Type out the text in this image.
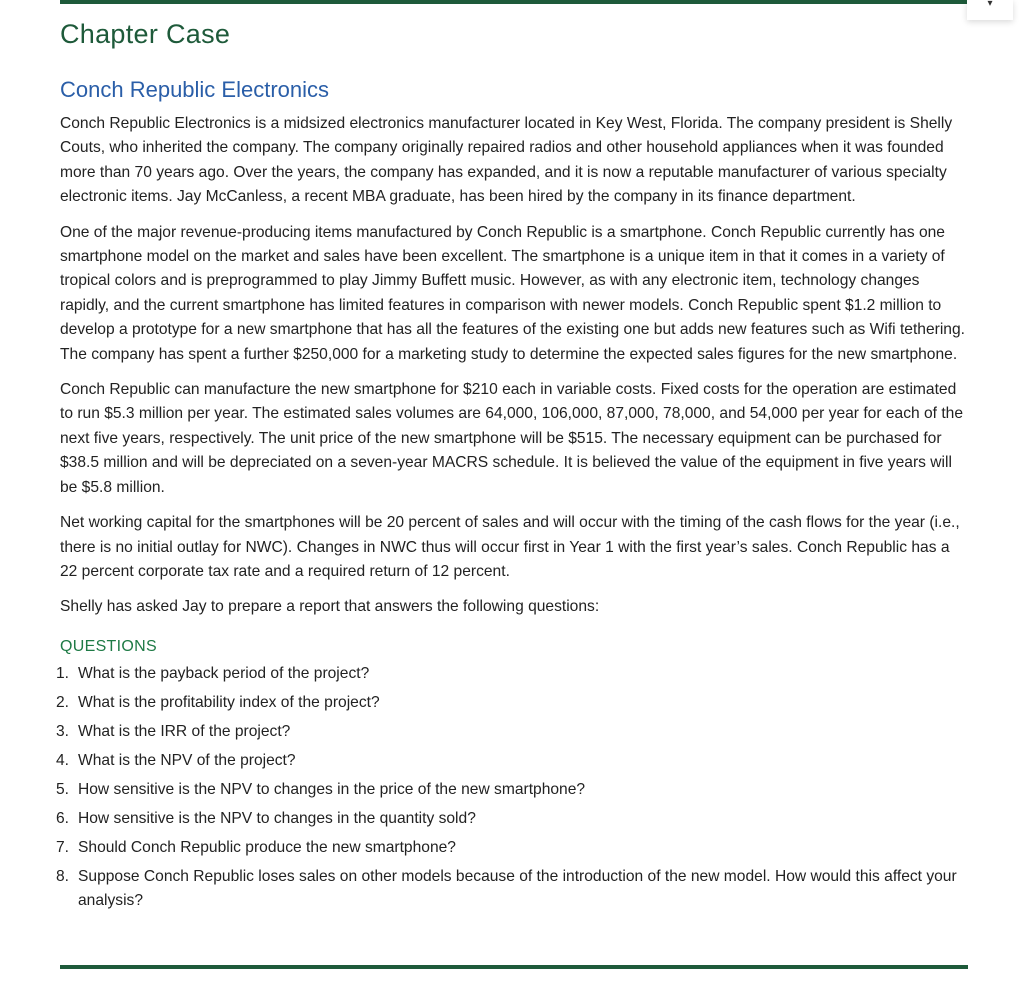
▾
Chapter Case
Conch Republic Electronics

Conch Republic Electronics is a midsized electronics manufacturer located in Key West, Florida. The company president is Shelly Couts, who inherited the company. The company originally repaired radios and other household appliances when it was founded more than 70 years ago. Over the years, the company has expanded, and it is now a reputable manufacturer of various specialty electronic items. Jay McCanless, a recent MBA graduate, has been hired by the company in its finance department.

One of the major revenue-producing items manufactured by Conch Republic is a smartphone. Conch Republic currently has one smartphone model on the market and sales have been excellent. The smartphone is a unique item in that it comes in a variety of tropical colors and is preprogrammed to play Jimmy Buffett music. However, as with any electronic item, technology changes rapidly, and the current smartphone has limited features in comparison with newer models. Conch Republic spent $1.2 million to develop a prototype for a new smartphone that has all the features of the existing one but adds new features such as Wifi tethering. The company has spent a further $250,000 for a marketing study to determine the expected sales figures for the new smartphone.

Conch Republic can manufacture the new smartphone for $210 each in variable costs. Fixed costs for the operation are estimated to run $5.3 million per year. The estimated sales volumes are 64,000, 106,000, 87,000, 78,000, and 54,000 per year for each of the next five years, respectively. The unit price of the new smartphone will be $515. The necessary equipment can be purchased for $38.5 million and will be depreciated on a seven-year MACRS schedule. It is believed the value of the equipment in five years will be $5.8 million.

Net working capital for the smartphones will be 20 percent of sales and will occur with the timing of the cash flows for the year (i.e., there is no initial outlay for NWC). Changes in NWC thus will occur first in Year 1 with the first year’s sales. Conch Republic has a 22 percent corporate tax rate and a required return of 12 percent.

Shelly has asked Jay to prepare a report that answers the following questions:

QUESTIONS
1. What is the payback period of the project?
2. What is the profitability index of the project?
3. What is the IRR of the project?
4. What is the NPV of the project?
5. How sensitive is the NPV to changes in the price of the new smartphone?
6. How sensitive is the NPV to changes in the quantity sold?
7. Should Conch Republic produce the new smartphone?
8. Suppose Conch Republic loses sales on other models because of the introduction of the new model. How would this affect your analysis?
